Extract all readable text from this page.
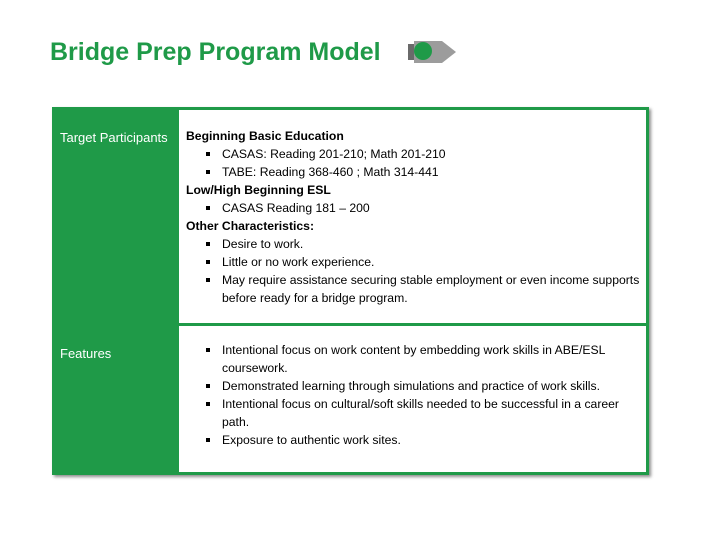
Bridge Prep Program Model
Target Participants
Features
Beginning Basic Education
CASAS: Reading 201-210; Math 201-210
TABE: Reading 368-460 ; Math 314-441
Low/High Beginning ESL
CASAS Reading 181 – 200
Other Characteristics:
Desire to work.
Little or no work experience.
May require assistance securing stable employment or even income supports before ready for a bridge program.
Intentional focus on work content by embedding work skills in ABE/ESL coursework.
Demonstrated learning through simulations and practice of work skills.
Intentional focus on cultural/soft skills needed to be successful in a career path.
Exposure to authentic work sites.
